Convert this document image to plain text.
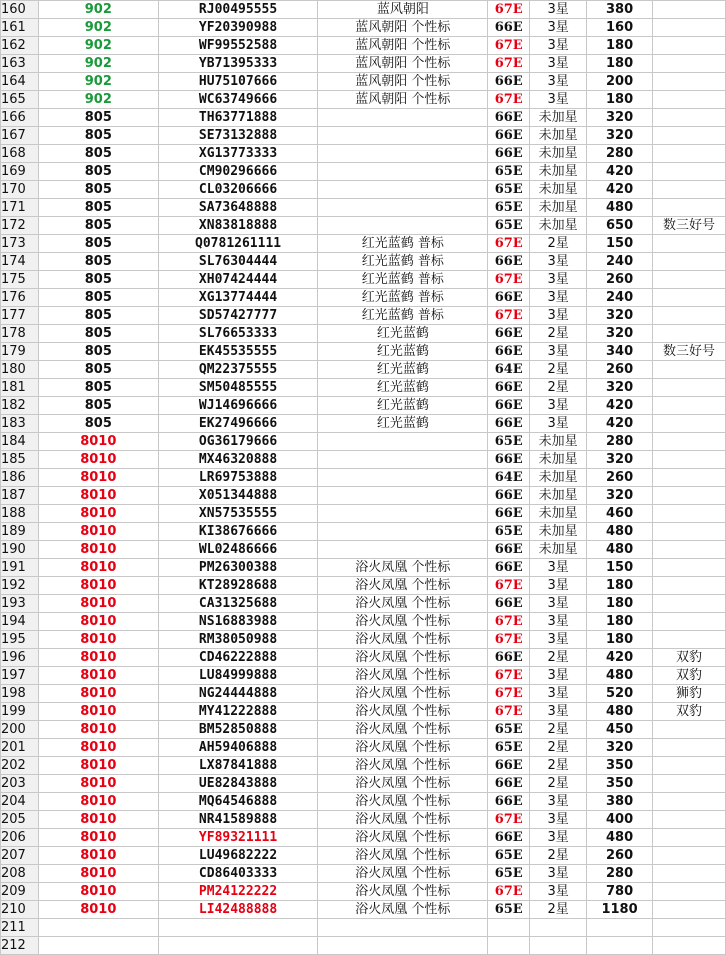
160	902	RJ00495555	蓝风朝阳	67E	3星	380	
161	902	YF20390988	蓝风朝阳 个性标	66E	3星	160	
162	902	WF99552588	蓝风朝阳 个性标	67E	3星	180	
163	902	YB71395333	蓝风朝阳 个性标	67E	3星	180	
164	902	HU75107666	蓝风朝阳 个性标	66E	3星	200	
165	902	WC63749666	蓝风朝阳 个性标	67E	3星	180	
166	805	TH63771888		66E	未加星	320	
167	805	SE73132888		66E	未加星	320	
168	805	XG13773333		66E	未加星	280	
169	805	CM90296666		65E	未加星	420	
170	805	CL03206666		65E	未加星	420	
171	805	SA73648888		65E	未加星	480	
172	805	XN83818888		65E	未加星	650	数三好号
173	805	Q0781261111	红光蓝鹤 普标	67E	2星	150	
174	805	SL76304444	红光蓝鹤 普标	66E	3星	240	
175	805	XH07424444	红光蓝鹤 普标	67E	3星	260	
176	805	XG13774444	红光蓝鹤 普标	66E	3星	240	
177	805	SD57427777	红光蓝鹤 普标	67E	3星	320	
178	805	SL76653333	红光蓝鹤	66E	2星	320	
179	805	EK45535555	红光蓝鹤	66E	3星	340	数三好号
180	805	QM22375555	红光蓝鹤	64E	2星	260	
181	805	SM50485555	红光蓝鹤	66E	2星	320	
182	805	WJ14696666	红光蓝鹤	66E	3星	420	
183	805	EK27496666	红光蓝鹤	66E	3星	420	
184	8010	OG36179666		65E	未加星	280	
185	8010	MX46320888		66E	未加星	320	
186	8010	LR69753888		64E	未加星	260	
187	8010	X051344888		66E	未加星	320	
188	8010	XN57535555		66E	未加星	460	
189	8010	KI38676666		65E	未加星	480	
190	8010	WL02486666		66E	未加星	480	
191	8010	PM26300388	浴火凤凰 个性标	66E	3星	150	
192	8010	KT28928688	浴火凤凰 个性标	67E	3星	180	
193	8010	CA31325688	浴火凤凰 个性标	66E	3星	180	
194	8010	NS16883988	浴火凤凰 个性标	67E	3星	180	
195	8010	RM38050988	浴火凤凰 个性标	67E	3星	180	
196	8010	CD46222888	浴火凤凰 个性标	66E	2星	420	双豹
197	8010	LU84999888	浴火凤凰 个性标	67E	3星	480	双豹
198	8010	NG24444888	浴火凤凰 个性标	67E	3星	520	狮豹
199	8010	MY41222888	浴火凤凰 个性标	67E	3星	480	双豹
200	8010	BM52850888	浴火凤凰 个性标	65E	2星	450	
201	8010	AH59406888	浴火凤凰 个性标	65E	2星	320	
202	8010	LX87841888	浴火凤凰 个性标	66E	2星	350	
203	8010	UE82843888	浴火凤凰 个性标	66E	2星	350	
204	8010	MQ64546888	浴火凤凰 个性标	66E	3星	380	
205	8010	NR41589888	浴火凤凰 个性标	67E	3星	400	
206	8010	YF89321111	浴火凤凰 个性标	66E	3星	480	
207	8010	LU49682222	浴火凤凰 个性标	65E	2星	260	
208	8010	CD86403333	浴火凤凰 个性标	65E	3星	280	
209	8010	PM24122222	浴火凤凰 个性标	67E	3星	780	
210	8010	LI42488888	浴火凤凰 个性标	65E	2星	1180	
211							
212							
